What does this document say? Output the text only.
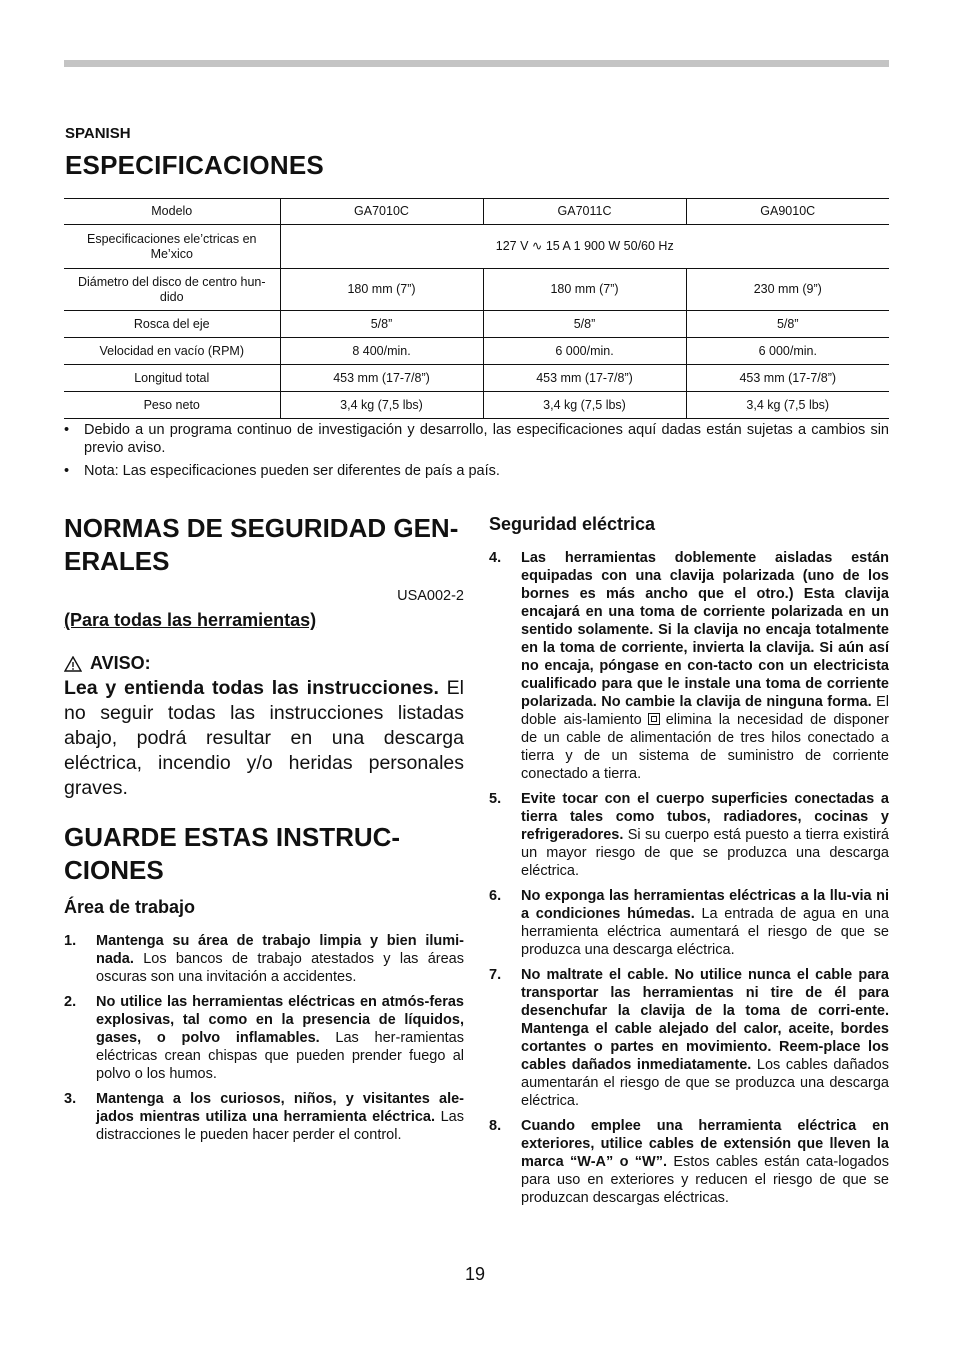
SPANISH
ESPECIFICACIONES
Modelo	GA7010C	GA7011C	GA9010C
Especificaciones ele’ctricas en Me’xico	127 V ∿ 15 A 1 900 W 50/60 Hz		
Diámetro del disco de centro hun-dido	180 mm (7”)	180 mm (7”)	230 mm (9”)
Rosca del eje	5/8”	5/8”	5/8”
Velocidad en vacío (RPM)	8 400/min.	6 000/min.	6 000/min.
Longitud total	453 mm (17-7/8”)	453 mm (17-7/8”)	453 mm (17-7/8”)
Peso neto	3,4 kg (7,5 lbs)	3,4 kg (7,5 lbs)	3,4 kg (7,5 lbs)
• Debido a un programa continuo de investigación y desarrollo, las especificaciones aquí dadas están sujetas a cambios sin previo aviso.
• Nota: Las especificaciones pueden ser diferentes de país a país.
NORMAS DE SEGURIDAD GEN-ERALES
USA002-2
(Para todas las herramientas)
AVISO:
Lea y entienda todas las instrucciones. El no seguir todas las instrucciones listadas abajo, podrá resultar en una descarga eléctrica, incendio y/o heridas personales graves.
GUARDE ESTAS INSTRUC-CIONES
Área de trabajo
1. Mantenga su área de trabajo limpia y bien ilumi-nada. Los bancos de trabajo atestados y las áreas oscuras son una invitación a accidentes.
2. No utilice las herramientas eléctricas en atmós-feras explosivas, tal como en la presencia de líquidos, gases, o polvo inflamables. Las her-ramientas eléctricas crean chispas que pueden prender fuego al polvo o los humos.
3. Mantenga a los curiosos, niños, y visitantes ale-jados mientras utiliza una herramienta eléctrica. Las distracciones le pueden hacer perder el control.
Seguridad eléctrica
4. Las herramientas doblemente aisladas están equipadas con una clavija polarizada (uno de los bornes es más ancho que el otro.) Esta clavija encajará en una toma de corriente polarizada en un sentido solamente. Si la clavija no encaja totalmente en la toma de corriente, invierta la clavija. Si aún así no encaja, póngase en con-tacto con un electricista cualificado para que le instale una toma de corriente polarizada. No cambie la clavija de ninguna forma. El doble ais-lamiento elimina la necesidad de disponer de un cable de alimentación de tres hilos conectado a tierra y de un sistema de suministro de corriente conectado a tierra.
5. Evite tocar con el cuerpo superficies conectadas a tierra tales como tubos, radiadores, cocinas y refrigeradores. Si su cuerpo está puesto a tierra existirá un mayor riesgo de que se produzca una descarga eléctrica.
6. No exponga las herramientas eléctricas a la llu-via ni a condiciones húmedas. La entrada de agua en una herramienta eléctrica aumentará el riesgo de que se produzca una descarga eléctrica.
7. No maltrate el cable. No utilice nunca el cable para transportar las herramientas ni tire de él para desenchufar la clavija de la toma de corri-ente. Mantenga el cable alejado del calor, aceite, bordes cortantes o partes en movimiento. Reem-place los cables dañados inmediatamente. Los cables dañados aumentarán el riesgo de que se produzca una descarga eléctrica.
8. Cuando emplee una herramienta eléctrica en exteriores, utilice cables de extensión que lleven la marca “W-A” o “W”. Estos cables están cata-logados para uso en exteriores y reducen el riesgo de que se produzcan descargas eléctricas.
19
